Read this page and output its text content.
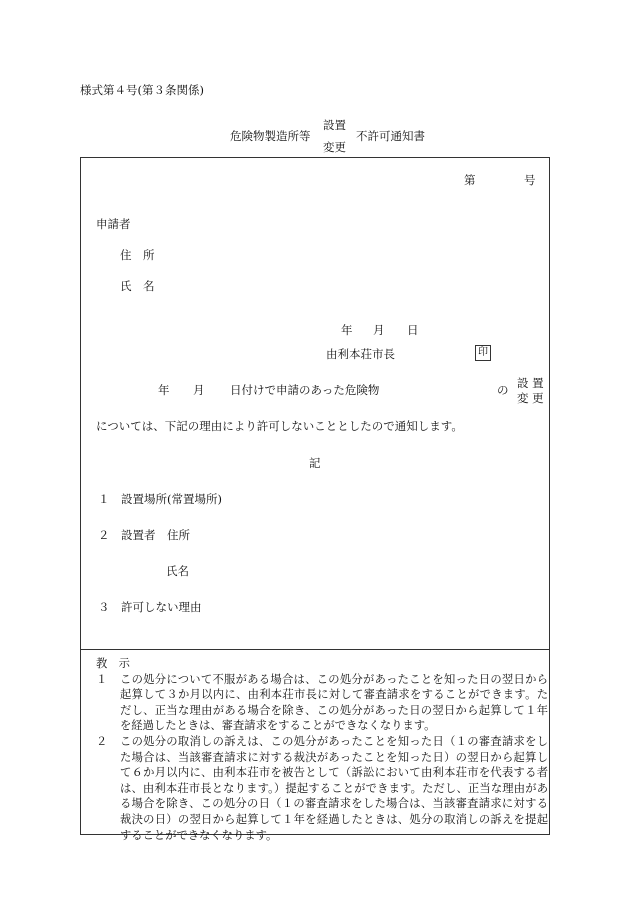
様式第４号(第３条関係)
危険物製造所等
設置
変更
不許可通知書
第	号
申請者
住　所
氏　名
年 月 日
由利本荘市長	印
年 月 日付けで申請のあった危険物	の 設 置
変 更
については、下記の理由により許可しないこととしたので通知します。
記
１　設置場所(常置場所)
２　設置者　住所
氏名
３　許可しない理由
教　示
１	この処分について不服がある場合は、この処分があったことを知った日の翌日から起算して３か月以内に、由利本荘市長に対して審査請求をすることができます。ただし、正当な理由がある場合を除き、この処分があった日の翌日から起算して１年を経過したときは、審査請求をすることができなくなります。
２	この処分の取消しの訴えは、この処分があったことを知った日（１の審査請求をした場合は、当該審査請求に対する裁決があったことを知った日）の翌日から起算して６か月以内に、由利本荘市を被告として（訴訟において由利本荘市を代表する者は、由利本荘市長となります。）提起することができます。ただし、正当な理由がある場合を除き、この処分の日（１の審査請求をした場合は、当該審査請求に対する裁決の日）の翌日から起算して１年を経過したときは、処分の取消しの訴えを提起することができなくなります。
